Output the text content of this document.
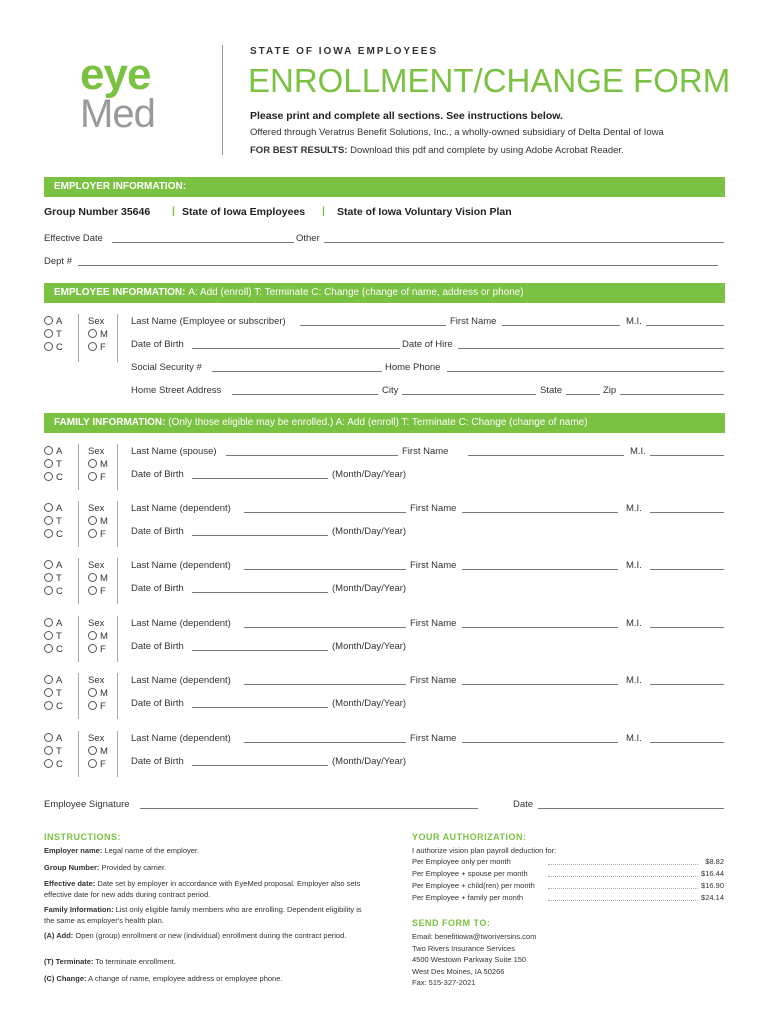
eye
Med
STATE OF IOWA EMPLOYEES
ENROLLMENT/CHANGE FORM
Please print and complete all sections. See instructions below.
Offered through Veratrus Benefit Solutions, Inc., a wholly-owned subsidiary of Delta Dental of Iowa
FOR BEST RESULTS: Download this pdf and complete by using Adobe Acrobat Reader.
EMPLOYER INFORMATION:
Group Number 35646 | State of Iowa Employees | State of Iowa Voluntary Vision Plan
Effective Date	Other
Dept #
EMPLOYEE INFORMATION: A: Add (enroll) T: Terminate C: Change (change of name, address or phone)
A
T
C
Sex
M
F
Last Name (Employee or subscriber)	First Name	M.I.
Date of Birth	Date of Hire
Social Security #	Home Phone
Home Street Address	City	State	Zip
FAMILY INFORMATION: (Only those eligible may be enrolled.) A: Add (enroll) T: Terminate C: Change (change of name)
A
T
C
Sex
M
F
Last Name (spouse)	First Name	M.I.
Date of Birth	(Month/Day/Year)
A
T
C
Sex
M
F
Last Name (dependent)	First Name	M.I.
Date of Birth	(Month/Day/Year)
A
T
C
Sex
M
F
Last Name (dependent)	First Name	M.I.
Date of Birth	(Month/Day/Year)
A
T
C
Sex
M
F
Last Name (dependent)	First Name	M.I.
Date of Birth	(Month/Day/Year)
A
T
C
Sex
M
F
Last Name (dependent)	First Name	M.I.
Date of Birth	(Month/Day/Year)
A
T
C
Sex
M
F
Last Name (dependent)	First Name	M.I.
Date of Birth	(Month/Day/Year)
Employee Signature	Date
INSTRUCTIONS:
Employer name: Legal name of the employer.
Group Number: Provided by carrier.
Effective date: Date set by employer in accordance with EyeMed proposal. Employer also sets effective date for new adds during contract period.
Family Information: List only eligible family members who are enrolling. Dependent eligibility is the same as employer's health plan.
(A) Add: Open (group) enrollment or new (individual) enrollment during the contract period.
(T) Terminate: To terminate enrollment.
(C) Change: A change of name, employee address or employee phone.
YOUR AUTHORIZATION:
I authorize vision plan payroll deduction for:
Per Employee only per month	$8.82
Per Employee + spouse per month	$16.44
Per Employee + child(ren) per month	$16.90
Per Employee + family per month	$24.14
SEND FORM TO:
Email: benefitiowa@tworiversins.com
Two Rivers Insurance Services
4500 Westown Parkway Suite 150
West Des Moines, IA 50266
Fax: 515-327-2021
